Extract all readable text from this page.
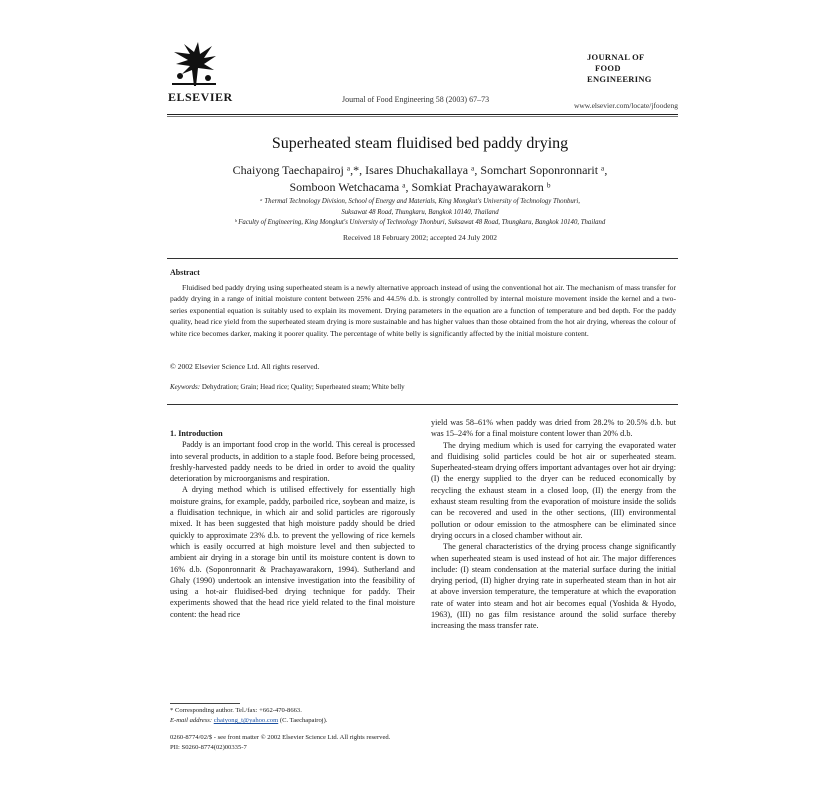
ELSEVIER	Journal of Food Engineering 58 (2003) 67–73
JOURNAL OF
FOOD
ENGINEERING
www.elsevier.com/locate/jfoodeng
Superheated steam fluidised bed paddy drying
Chaiyong Taechapairoj ᵃ,*, Isares Dhuchakallaya ᵃ, Somchart Soponronnarit ᵃ,
Somboon Wetchacama ᵃ, Somkiat Prachayawarakorn ᵇ
ᵃ Thermal Technology Division, School of Energy and Materials, King Mongkut's University of Technology Thonburi,
Suksawat 48 Road, Thungkaru, Bangkok 10140, Thailand
ᵇ Faculty of Engineering, King Mongkut's University of Technology Thonburi, Suksawat 48 Road, Thungkaru, Bangkok 10140, Thailand
Received 18 February 2002; accepted 24 July 2002
Abstract
Fluidised bed paddy drying using superheated steam is a newly alternative approach instead of using the conventional hot air. The mechanism of mass transfer for paddy drying in a range of initial moisture content between 25% and 44.5% d.b. is strongly controlled by internal moisture movement inside the kernel and a two-series exponential equation is suitably used to explain its movement. Drying parameters in the equation are a function of temperature and bed depth. For the paddy quality, head rice yield from the superheated steam drying is more sustainable and has higher values than those obtained from the hot air drying, whereas the colour of white rice becomes darker, making it poorer quality. The percentage of white belly is significantly affected by the initial moisture content.
© 2002 Elsevier Science Ltd. All rights reserved.
Keywords: Dehydration; Grain; Head rice; Quality; Superheated steam; White belly

1. Introduction

Paddy is an important food crop in the world. This cereal is processed into several products, in addition to a staple food. Before being processed, freshly-harvested paddy needs to be dried in order to avoid the quality deterioration by microorganisms and respiration.

A drying method which is utilised effectively for essentially high moisture grains, for example, paddy, parboiled rice, soybean and maize, is a fluidisation technique, in which air and solid particles are rigorously mixed. It has been suggested that high moisture paddy should be dried quickly to approximate 23% d.b. to prevent the yellowing of rice kernels which is easily occurred at high moisture level and then subjected to ambient air drying in a storage bin until its moisture content is down to 16% d.b. (Soponronnarit & Prachayawarakorn, 1994). Sutherland and Ghaly (1990) undertook an intensive investigation into the feasibility of using a hot-air fluidised-bed drying technique for paddy. Their experiments showed that the head rice yield related to the final moisture content: the head rice

yield was 58–61% when paddy was dried from 28.2% to 20.5% d.b. but was 15–24% for a final moisture content lower than 20% d.b.

The drying medium which is used for carrying the evaporated water and fluidising solid particles could be hot air or superheated steam. Superheated-steam drying offers important advantages over hot air drying: (I) the energy supplied to the dryer can be reduced economically by recycling the exhaust steam in a closed loop, (II) the energy from the exhaust steam resulting from the evaporation of moisture inside the solids can be recovered and used in the other sections, (III) environmental pollution or odour emission to the atmosphere can be eliminated since drying occurs in a closed chamber without air.

The general characteristics of the drying process change significantly when superheated steam is used instead of hot air. The major differences include: (I) steam condensation at the material surface during the initial drying period, (II) higher drying rate in superheated steam than in hot air at above inversion temperature, the temperature at which the evaporation rate of water into steam and hot air becomes equal (Yoshida & Hyodo, 1963), (III) no gas film resistance around the solid surface thereby increasing the mass transfer rate.

* Corresponding author. Tel./fax: +662-470-8663.
E-mail address: chaiyong_t@yahoo.com (C. Taechapairoj).
0260-8774/02/$ - see front matter © 2002 Elsevier Science Ltd. All rights reserved.
PII: S0260-8774(02)00335-7
